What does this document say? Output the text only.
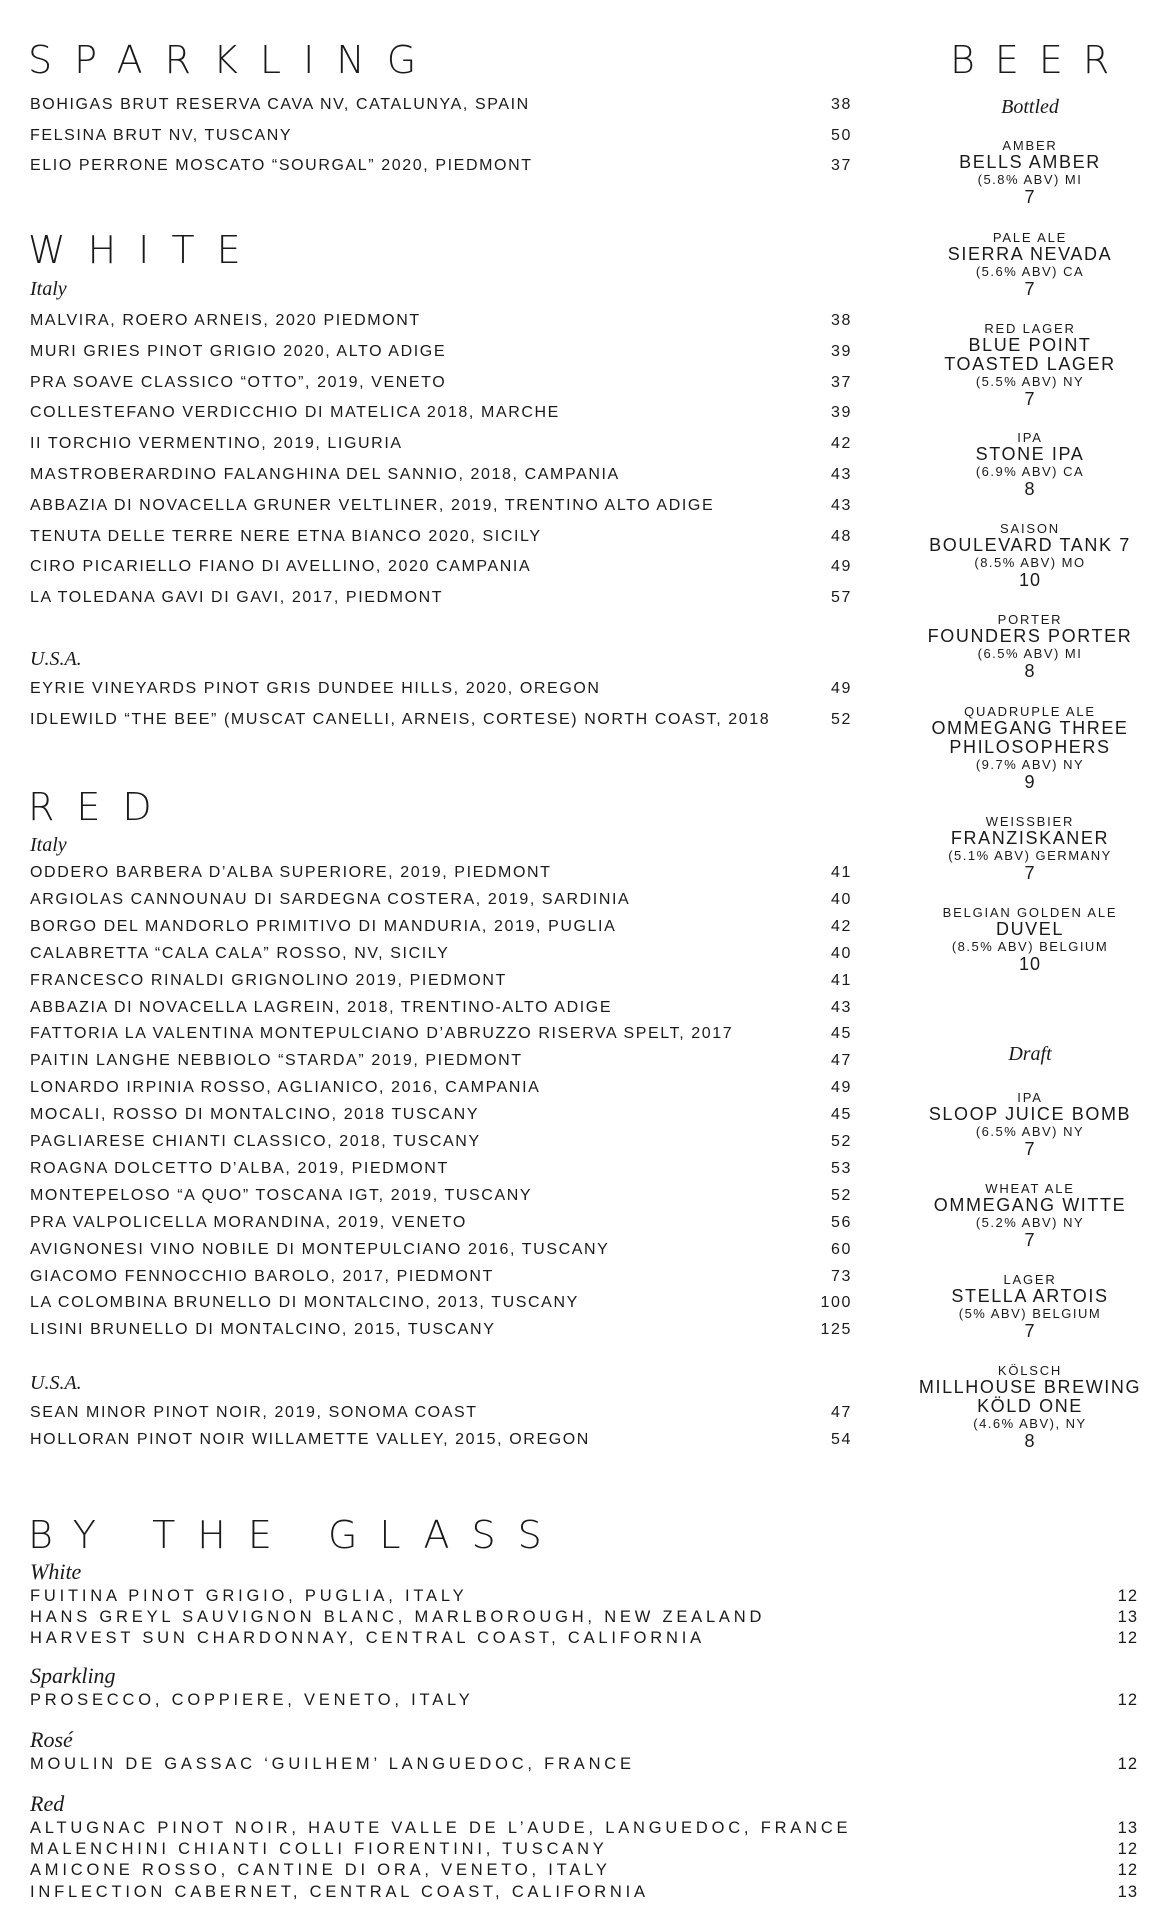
SPARKLING
BOHIGAS BRUT RESERVA CAVA NV, CATALUNYA, SPAIN	38
FELSINA BRUT NV, TUSCANY	50
ELIO PERRONE MOSCATO “SOURGAL” 2020, PIEDMONT	37
WHITE
Italy
MALVIRA, ROERO ARNEIS, 2020 PIEDMONT	38
MURI GRIES PINOT GRIGIO 2020, ALTO ADIGE	39
PRA SOAVE CLASSICO “OTTO”, 2019, VENETO	37
COLLESTEFANO VERDICCHIO DI MATELICA 2018, MARCHE	39
II TORCHIO VERMENTINO, 2019, LIGURIA	42
MASTROBERARDINO FALANGHINA DEL SANNIO, 2018, CAMPANIA	43
ABBAZIA DI NOVACELLA GRUNER VELTLINER, 2019, TRENTINO ALTO ADIGE	43
TENUTA DELLE TERRE NERE ETNA BIANCO 2020, SICILY	48
CIRO PICARIELLO FIANO DI AVELLINO, 2020 CAMPANIA	49
LA TOLEDANA GAVI DI GAVI, 2017, PIEDMONT	57
U.S.A.
EYRIE VINEYARDS PINOT GRIS DUNDEE HILLS, 2020, OREGON	49
IDLEWILD “THE BEE” (MUSCAT CANELLI, ARNEIS, CORTESE) NORTH COAST, 2018	52
RED
Italy
ODDERO BARBERA D’ALBA SUPERIORE, 2019, PIEDMONT	41
ARGIOLAS CANNOUNAU DI SARDEGNA COSTERA, 2019, SARDINIA	40
BORGO DEL MANDORLO PRIMITIVO DI MANDURIA, 2019, PUGLIA	42
CALABRETTA “CALA CALA” ROSSO, NV, SICILY	40
FRANCESCO RINALDI GRIGNOLINO 2019, PIEDMONT	41
ABBAZIA DI NOVACELLA LAGREIN, 2018, TRENTINO-ALTO ADIGE	43
FATTORIA LA VALENTINA MONTEPULCIANO D’ABRUZZO RISERVA SPELT, 2017	45
PAITIN LANGHE NEBBIOLO “STARDA” 2019, PIEDMONT	47
LONARDO IRPINIA ROSSO, AGLIANICO, 2016, CAMPANIA	49
MOCALI, ROSSO DI MONTALCINO, 2018 TUSCANY	45
PAGLIARESE CHIANTI CLASSICO, 2018, TUSCANY	52
ROAGNA DOLCETTO D’ALBA, 2019, PIEDMONT	53
MONTEPELOSO “A QUO” TOSCANA IGT, 2019, TUSCANY	52
PRA VALPOLICELLA MORANDINA, 2019, VENETO	56
AVIGNONESI VINO NOBILE DI MONTEPULCIANO 2016, TUSCANY	60
GIACOMO FENNOCCHIO BAROLO, 2017, PIEDMONT	73
LA COLOMBINA BRUNELLO DI MONTALCINO, 2013, TUSCANY	100
LISINI BRUNELLO DI MONTALCINO, 2015, TUSCANY	125
U.S.A.
SEAN MINOR PINOT NOIR, 2019, SONOMA COAST	47
HOLLORAN PINOT NOIR WILLAMETTE VALLEY, 2015, OREGON	54
BY THE GLASS
White
FUITINA PINOT GRIGIO, PUGLIA, ITALY	12
HANS GREYL SAUVIGNON BLANC, MARLBOROUGH, NEW ZEALAND	13
HARVEST SUN CHARDONNAY, CENTRAL COAST, CALIFORNIA	12
Sparkling
PROSECCO, COPPIERE, VENETO, ITALY	12
Rosé
MOULIN DE GASSAC ‘GUILHEM’ LANGUEDOC, FRANCE	12
Red
ALTUGNAC PINOT NOIR, HAUTE VALLE DE L’AUDE, LANGUEDOC, FRANCE	13
MALENCHINI CHIANTI COLLI FIORENTINI, TUSCANY	12
AMICONE ROSSO, CANTINE DI ORA, VENETO, ITALY	12
INFLECTION CABERNET, CENTRAL COAST, CALIFORNIA	13
BEER
Bottled
AMBER
BELLS AMBER
(5.8% ABV) MI
7
PALE ALE
SIERRA NEVADA
(5.6% ABV) CA
7
RED LAGER
BLUE POINT
TOASTED LAGER
(5.5% ABV) NY
7
IPA
STONE IPA
(6.9% ABV) CA
8
SAISON
BOULEVARD TANK 7
(8.5% ABV) MO
10
PORTER
FOUNDERS PORTER
(6.5% ABV) MI
8
QUADRUPLE ALE
OMMEGANG THREE
PHILOSOPHERS
(9.7% ABV) NY
9
WEISSBIER
FRANZISKANER
(5.1% ABV) GERMANY
7
BELGIAN GOLDEN ALE
DUVEL
(8.5% ABV) BELGIUM
10
Draft
IPA
SLOOP JUICE BOMB
(6.5% ABV) NY
7
WHEAT ALE
OMMEGANG WITTE
(5.2% ABV) NY
7
LAGER
STELLA ARTOIS
(5% ABV) BELGIUM
7
KÖLSCH
MILLHOUSE BREWING
KÖLD ONE
(4.6% ABV), NY
8
